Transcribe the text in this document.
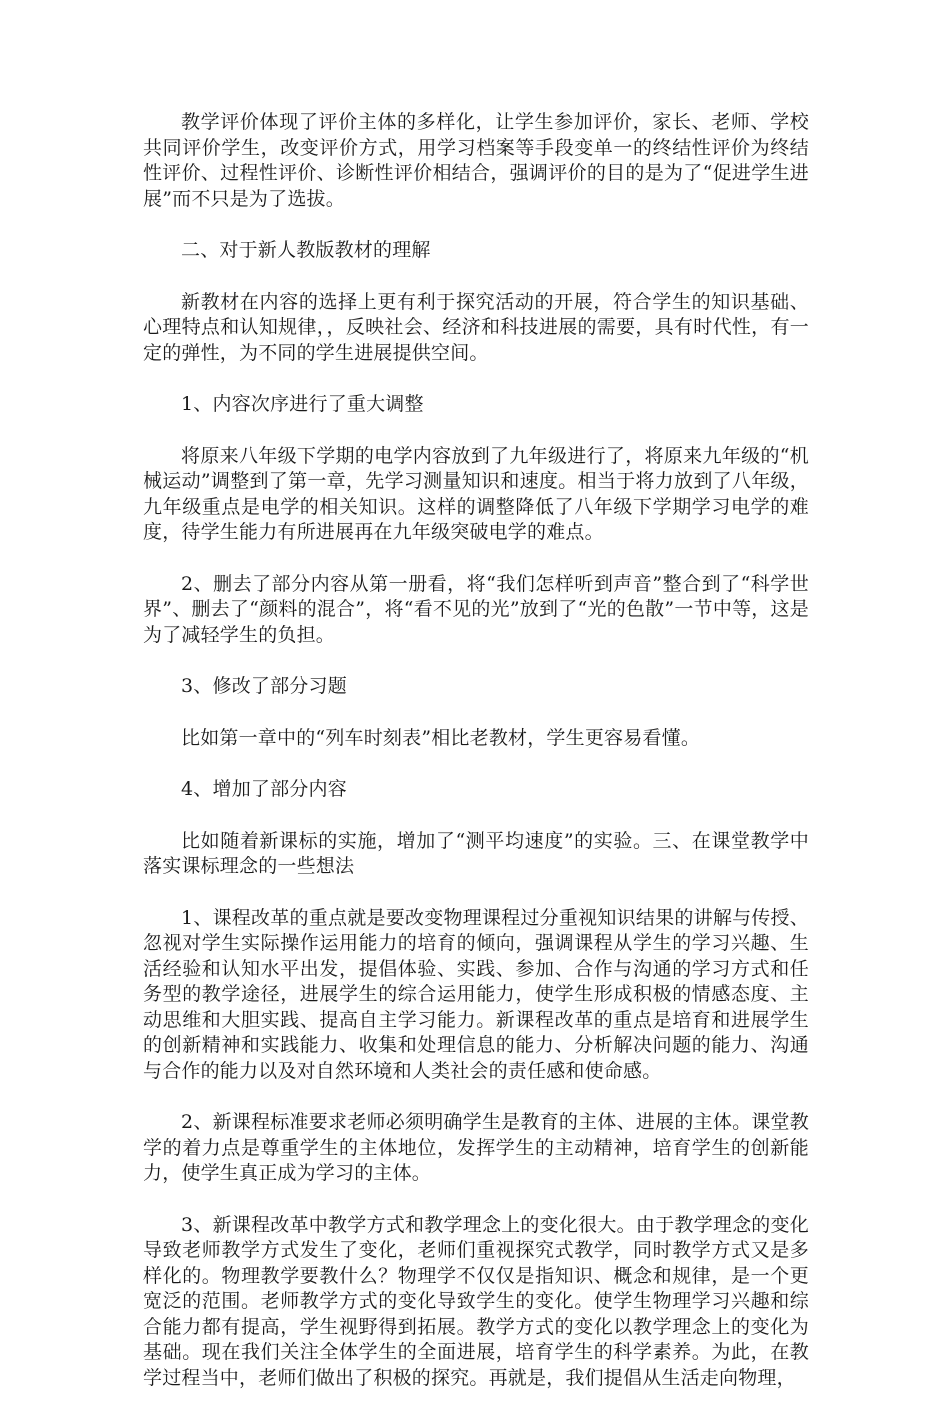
教学评价体现了评价主体的多样化，让学生参加评价，家长、老师、学校共同评价学生，改变评价方式，用学习档案等手段变单一的终结性评价为终结性评价、过程性评价、诊断性评价相结合，强调评价的目的是为了“促进学生进展”而不只是为了选拔。

二、对于新人教版教材的理解

新教材在内容的选择上更有利于探究活动的开展，符合学生的知识基础、心理特点和认知规律，，反映社会、经济和科技进展的需要，具有时代性，有一定的弹性，为不同的学生进展提供空间。

1、内容次序进行了重大调整

将原来八年级下学期的电学内容放到了九年级进行了，将原来九年级的“机械运动”调整到了第一章，先学习测量知识和速度。相当于将力放到了八年级，九年级重点是电学的相关知识。这样的调整降低了八年级下学期学习电学的难度，待学生能力有所进展再在九年级突破电学的难点。

2、删去了部分内容从第一册看，将“我们怎样听到声音”整合到了“科学世界”、删去了“颜料的混合”，将“看不见的光”放到了“光的色散”一节中等，这是为了减轻学生的负担。

3、修改了部分习题

比如第一章中的“列车时刻表”相比老教材，学生更容易看懂。

4、增加了部分内容

比如随着新课标的实施，增加了“测平均速度”的实验。三、在课堂教学中落实课标理念的一些想法

1、课程改革的重点就是要改变物理课程过分重视知识结果的讲解与传授、忽视对学生实际操作运用能力的培育的倾向，强调课程从学生的学习兴趣、生活经验和认知水平出发，提倡体验、实践、参加、合作与沟通的学习方式和任务型的教学途径，进展学生的综合运用能力，使学生形成积极的情感态度、主动思维和大胆实践、提高自主学习能力。新课程改革的重点是培育和进展学生的创新精神和实践能力、收集和处理信息的能力、分析解决问题的能力、沟通与合作的能力以及对自然环境和人类社会的责任感和使命感。

2、新课程标准要求老师必须明确学生是教育的主体、进展的主体。课堂教学的着力点是尊重学生的主体地位，发挥学生的主动精神，培育学生的创新能力，使学生真正成为学习的主体。

3、新课程改革中教学方式和教学理念上的变化很大。由于教学理念的变化导致老师教学方式发生了变化，老师们重视探究式教学，同时教学方式又是多样化的。物理教学要教什么？物理学不仅仅是指知识、概念和规律，是一个更宽泛的范围。老师教学方式的变化导致学生的变化。使学生物理学习兴趣和综合能力都有提高，学生视野得到拓展。教学方式的变化以教学理念上的变化为基础。现在我们关注全体学生的全面进展，培育学生的科学素养。为此，在教学过程当中，老师们做出了积极的探究。再就是，我们提倡从生活走向物理，
